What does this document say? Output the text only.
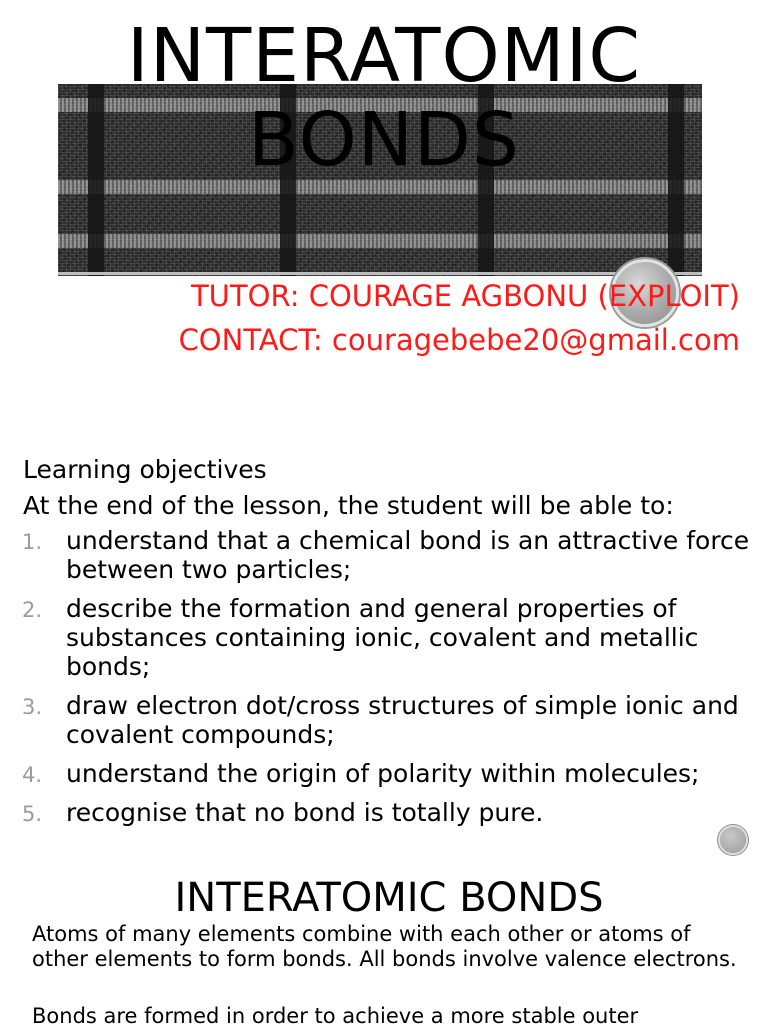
INTERATOMIC BONDS
TUTOR: COURAGE AGBONU (EXPLOIT)
CONTACT: couragebebe20@gmail.com
Learning objectives
At the end of the lesson, the student will be able to:
1. understand that a chemical bond is an attractive force between two particles;
2. describe the formation and general properties of substances containing ionic, covalent and metallic bonds;
3. draw electron dot/cross structures of simple ionic and covalent compounds;
4. understand the origin of polarity within molecules;
5. recognise that no bond is totally pure.
INTERATOMIC BONDS

Atoms of many elements combine with each other or atoms of other elements to form bonds. All bonds involve valence electrons.

Bonds are formed in order to achieve a more stable outer
